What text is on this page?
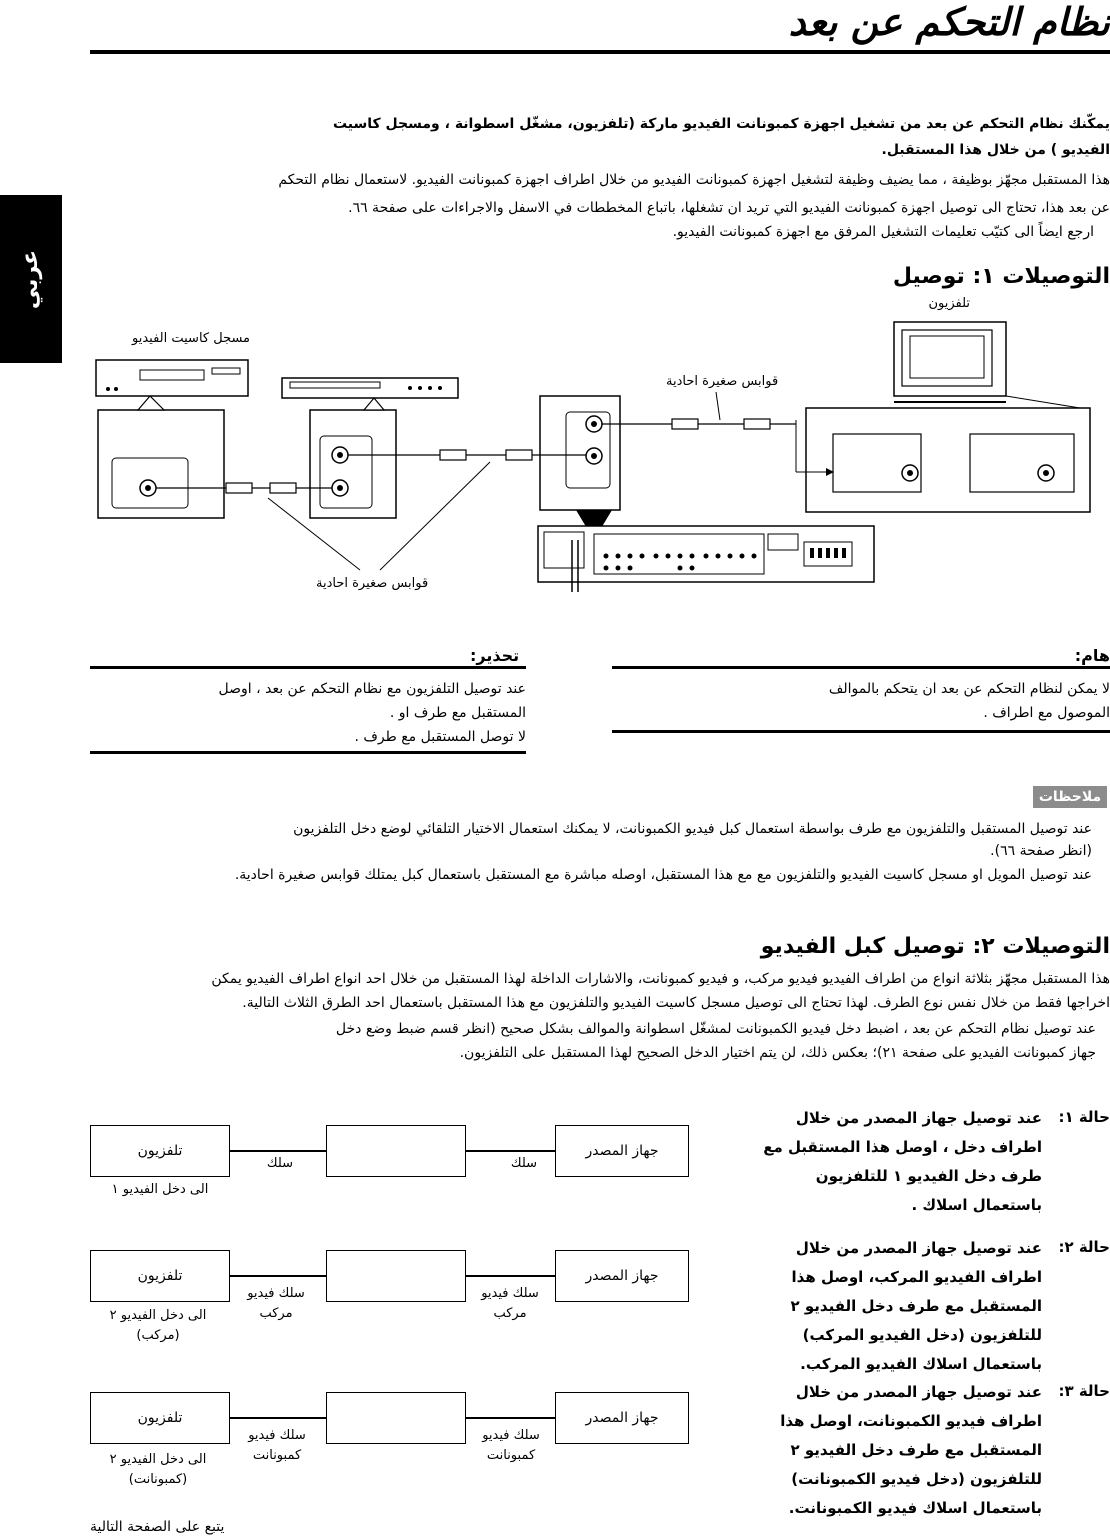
نظام التحكم عن بعد
عربي
يمكّنك نظام التحكم عن بعد من تشغيل اجهزة كمبونانت الفيديو ماركة (تلفزيون، مشغّل اسطوانة ، ومسجل كاسيت
الفيديو ) من خلال هذا المستقبل.
هذا المستقبل مجهّز بوظيفة ، مما يضيف وظيفة لتشغيل اجهزة كمبونانت الفيديو من خلال اطراف اجهزة كمبونانت الفيديو. لاستعمال نظام التحكم
عن بعد هذا، تحتاج الى توصيل اجهزة كمبونانت الفيديو التي تريد ان تشغلها، باتباع المخططات في الاسفل والاجراءات على صفحة ٦٦.
ارجع ايضاً الى كتيّب تعليمات التشغيل المرفق مع اجهزة كمبونانت الفيديو.
التوصيلات ١: توصيل
تلفزيون
مسجل كاسيت الفيديو
قوابس صغيرة احادية
قوابس صغيرة احادية
هام:
لا يمكن لنظام التحكم عن بعد ان يتحكم بالموالف
الموصول مع اطراف .
تحذير:
عند توصيل التلفزيون مع نظام التحكم عن بعد ، اوصل
المستقبل مع طرف او .
لا توصل المستقبل مع طرف .
ملاحظات
عند توصيل المستقبل والتلفزيون مع طرف بواسطة استعمال كبل فيديو الكمبونانت، لا يمكنك استعمال الاختيار التلقائي لوضع دخل التلفزيون
(انظر صفحة ٦٦).
عند توصيل المويل او مسجل كاسيت الفيديو والتلفزيون مع مع هذا المستقبل، اوصله مباشرة مع المستقبل باستعمال كبل يمتلك قوابس صغيرة احادية.
التوصيلات ٢: توصيل كبل الفيديو
هذا المستقبل مجهّز بثلاثة انواع من اطراف الفيديو فيديو مركب، و فيديو كمبونانت، والاشارات الداخلة لهذا المستقبل من خلال احد انواع اطراف الفيديو يمكن
اخراجها فقط من خلال نفس نوع الطرف. لهذا تحتاج الى توصيل مسجل كاسيت الفيديو والتلفزيون مع هذا المستقبل باستعمال احد الطرق الثلاث التالية.
عند توصيل نظام التحكم عن بعد ، اضبط دخل فيديو الكمبونانت لمشغّل اسطوانة والموالف بشكل صحيح (انظر قسم ضبط وضع دخل
جهاز كمبونانت الفيديو على صفحة ٢١)؛ بعكس ذلك، لن يتم اختيار الدخل الصحيح لهذا المستقبل على التلفزيون.
حالة ١:
عند توصيل جهاز المصدر من خلال اطراف دخل ، اوصل هذا المستقبل مع طرف دخل الفيديو ١ للتلفزيون باستعمال اسلاك .
تلفزيون	جهاز المصدر
سلك	سلك
الى دخل الفيديو ١
حالة ٢:
عند توصيل جهاز المصدر من خلال اطراف الفيديو المركب، اوصل هذا المستقبل مع طرف دخل الفيديو ٢ للتلفزيون (دخل الفيديو المركب) باستعمال اسلاك الفيديو المركب.
تلفزيون	جهاز المصدر
سلك فيديو مركب
سلك فيديو مركب
الى دخل الفيديو ٢ (مركب)
حالة ٣:
عند توصيل جهاز المصدر من خلال اطراف فيديو الكمبونانت، اوصل هذا المستقبل مع طرف دخل الفيديو ٢ للتلفزيون (دخل فيديو الكمبونانت) باستعمال اسلاك فيديو الكمبونانت.
تلفزيون	جهاز المصدر
سلك فيديو كمبونانت
سلك فيديو كمبونانت
الى دخل الفيديو ٢ (كمبونانت)
يتبع على الصفحة التالية
